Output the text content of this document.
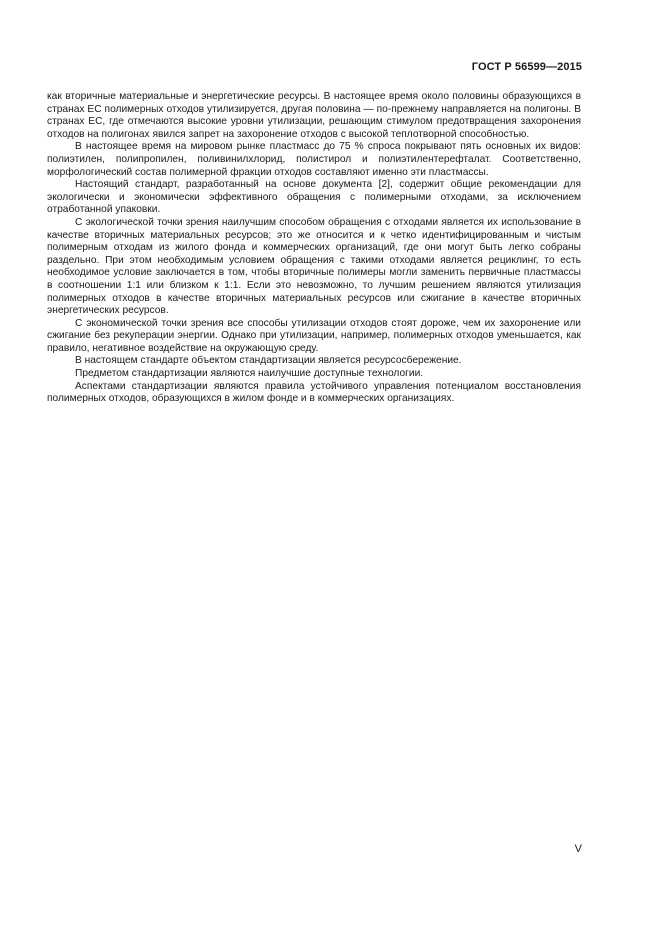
ГОСТ Р 56599—2015

как вторичные материальные и энергетические ресурсы. В настоящее время около половины образующихся в странах ЕС полимерных отходов утилизируется, другая половина — по-прежнему направляется на полигоны. В странах ЕС, где отмечаются высокие уровни утилизации, решающим стимулом предотвращения захоронения отходов на полигонах явился запрет на захоронение отходов с высокой теплотворной способностью.

В настоящее время на мировом рынке пластмасс до 75 % спроса покрывают пять основных их видов: полиэтилен, полипропилен, поливинилхлорид, полистирол и полиэтилентерефталат. Соответственно, морфологический состав полимерной фракции отходов составляют именно эти пластмассы.

Настоящий стандарт, разработанный на основе документа [2], содержит общие рекомендации для экологически и экономически эффективного обращения с полимерными отходами, за исключением отработанной упаковки.

С экологической точки зрения наилучшим способом обращения с отходами является их использование в качестве вторичных материальных ресурсов; это же относится и к четко идентифицированным и чистым полимерным отходам из жилого фонда и коммерческих организаций, где они могут быть легко собраны раздельно. При этом необходимым условием обращения с такими отходами является рециклинг, то есть необходимое условие заключается в том, чтобы вторичные полимеры могли заменить первичные пластмассы в соотношении 1:1 или близком к 1:1. Если это невозможно, то лучшим решением являются утилизация полимерных отходов в качестве вторичных материальных ресурсов или сжигание в качестве вторичных энергетических ресурсов.

С экономической точки зрения все способы утилизации отходов стоят дороже, чем их захоронение или сжигание без рекуперации энергии. Однако при утилизации, например, полимерных отходов уменьшается, как правило, негативное воздействие на окружающую среду.

В настоящем стандарте объектом стандартизации является ресурсосбережение.

Предметом стандартизации являются наилучшие доступные технологии.

Аспектами стандартизации являются правила устойчивого управления потенциалом восстановления полимерных отходов, образующихся в жилом фонде и в коммерческих организациях.

V
